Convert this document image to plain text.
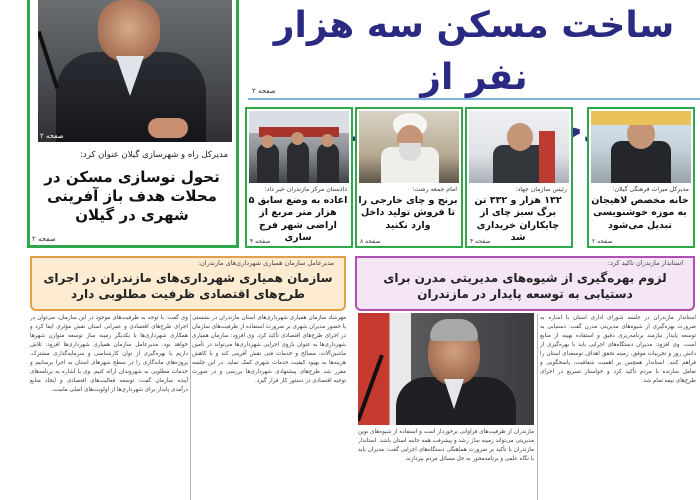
صفحه ۲
مدیرکل راه و شهرسازی گیلان عنوان کرد:
تحول نوسازی مسکن در محلات هدف باز آفرینی شهری در گیلان
صفحه ۲
ساخت مسکن سه هزار نفر از
صفحه ۲
مدیرکل میراث فرهنگی گیلان:
خانه مخصص لاهیجان به موزه خوشنویسی تبدیل می‌شود
صفحه ۲
رئیس سازمان جهاد:
۱۳۲ هزار و ۳۳۲ تن برگ سبز چای از چایکاران خریداری شد
صفحه ۴
امام جمعه رشت:
برنج و چای خارجی را تا فروش تولید داخل وارد نکنید
صفحه ۸
دادستان مرکز مازندران خبر داد:
اعاده به وضع سابق ۵ هزار متر مربع از اراضی شهر فرح سارى
صفحه ۴
مدیرعامل سازمان همیاری شهرداری‌های مازندران:
سازمان همیاری شهرداری‌های مازندران در اجرای طرح‌های اقتصادی ظرفیت مطلوبی دارد
استاندار مازندران تاکید کرد:
لزوم بهره‌گیری از شیوه‌های مدیریتی مدرن برای دستیابی به توسعه پایدار در مازندران
وی گفت: با توجه به ظرفیت‌های موجود در این سازمان، می‌توان در اجرای طرح‌های اقتصادی و عمرانی استان نقش مؤثری ایفا کرد و همکاری شهرداری‌ها با یکدیگر زمینه ساز توسعه متوازن شهرها خواهد بود. مدیرعامل سازمان همیاری شهرداری‌ها افزود: تلاش داریم با بهره‌گیری از توان کارشناسی و سرمایه‌گذاری مشترک، پروژه‌های ماندگاری را در سطح شهرهای استان به اجرا برسانیم و خدمات مطلوبی به شهروندان ارائه کنیم. وی با اشاره به برنامه‌های آینده سازمان گفت: توسعه فعالیت‌های اقتصادی و ایجاد منابع درآمدی پایدار برای شهرداری‌ها از اولویت‌های اصلی ماست.
مهرشاد سازمان همیاری شهرداری‌های استان مازندران در نشستی با حضور مدیران شهری بر ضرورت استفاده از ظرفیت‌های سازمان در اجرای طرح‌های اقتصادی تأکید کرد. وی افزود: سازمان همیاری شهرداری‌ها به عنوان بازوی اجرایی شهرداری‌ها می‌تواند در تأمین ماشین‌آلات، مصالح و خدمات فنی نقش آفرینی کند و با کاهش هزینه‌ها به بهبود کیفیت خدمات شهری کمک نماید. در این جلسه مقرر شد طرح‌های پیشنهادی شهرداری‌ها بررسی و در صورت توجیه اقتصادی در دستور کار قرار گیرد.
مازندران از ظرفیت‌های فراوانی برخوردار است و استفاده از شیوه‌های نوین مدیریتی می‌تواند زمینه ساز رشد و پیشرفت همه جانبه استان باشد. استاندار مازندران با تأکید بر ضرورت هماهنگی دستگاه‌های اجرایی گفت: مدیران باید با نگاه علمی و برنامه‌محور به حل مسائل مردم بپردازند.
استاندار مازندران در جلسه شورای اداری استان با اشاره به ضرورت بهره‌گیری از شیوه‌های مدیریتی مدرن گفت: دستیابی به توسعه پایدار نیازمند برنامه‌ریزی دقیق و استفاده بهینه از منابع است. وی افزود: مدیران دستگاه‌های اجرایی باید با بهره‌گیری از دانش روز و تجربیات موفق، زمینه تحقق اهداف توسعه‌ای استان را فراهم کنند. استاندار همچنین بر اهمیت شفافیت، پاسخگویی و تعامل سازنده با مردم تأکید کرد و خواستار تسریع در اجرای طرح‌های نیمه تمام شد.
